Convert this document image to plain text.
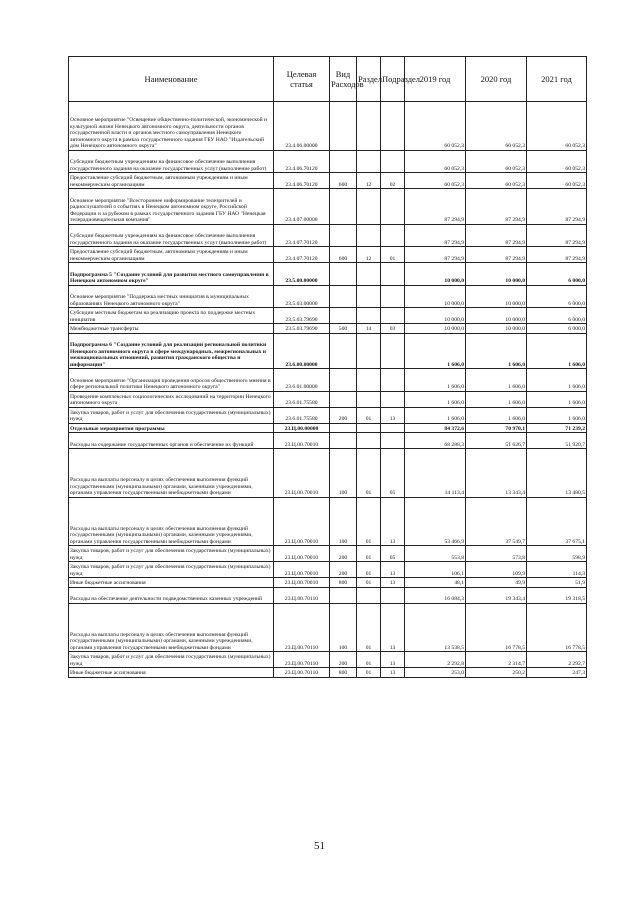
Наименование	Целевая статья	Вид Расходов	Раздел	Подраздел	2019 год	2020 год	2021 год
Основное мероприятие "Освещение общественно-политической, экономической и культурной жизни Ненецкого автономного округа, деятельности органов государственной власти и органов местного самоуправления Ненецкого автономного округа в рамках государственного задания ГБУ НАО "Издательский дом Ненецкого автономного округа"	23.4.06.00000				60 052,3	60 052,3	60 052,3
Субсидии бюджетным учреждениям на финансовое обеспечение выполнения государственного задания на оказание государственных услуг (выполнение работ)	23.4.06.70120				60 052,3	60 052,3	60 052,3
Предоставление субсидий бюджетным, автономным учреждениям и иным некоммерческим организациям	23.4.06.70120	600	12	02	60 052,3	60 052,3	60 052,3
Основное мероприятие "Всестороннее информирование телезрителей и радиослушателей о событиях в Ненецком автономном округе, Российской Федерации и за рубежом в рамках государственного задания ГБУ НАО "Ненецкая телерадиовещательная компания"	23.4.07.00000				87 294,9	87 294,9	87 294,9
Субсидии бюджетным учреждениям на финансовое обеспечение выполнения государственного задания на оказание государственных услуг (выполнение работ)	23.4.07.70120				87 294,9	87 294,9	87 294,9
Предоставление субсидий бюджетным, автономным учреждениям и иным некоммерческим организациям	23.4.07.70120	600	12	01	87 294,9	87 294,9	87 294,9
Подпрограмма 5 "Создание условий для развития местного самоуправления в Ненецком автономном округе"	23.5.00.00000				10 000,0	10 000,0	6 000,0
Основное мероприятие "Поддержка местных инициатив в муниципальных образованиях Ненецкого автономного округа"	23.5.03.00000				10 000,0	10 000,0	6 000,0
Субсидии местным бюджетам на реализацию проекта по поддержке местных инициатив	23.5.03.79690				10 000,0	10 000,0	6 000,0
Межбюджетные трансферты	23.5.03.79690	500	14	03	10 000,0	10 000,0	6 000,0
Подпрограмма 6 "Создание условий для реализации региональной политики Ненецкого автономного округа в сфере международных, межрегиональных и межнациональных отношений, развития гражданского общества и информации"	23.6.00.00000				1 606,0	1 606,0	1 606,0
Основное мероприятие "Организация проведения опросов общественного мнения в сфере региональной политики Ненецкого автономного округа"	23.6.01.00000				1 606,0	1 606,0	1 606,0
Проведение комплексных социологических исследований на территории Ненецкого автономного округа	23.6.01.75580				1 606,0	1 606,0	1 606,0
Закупка товаров, работ и услуг для обеспечения государственных (муниципальных) нужд	23.6.01.75580	200	01	13	1 606,0	1 606,0	1 606,0
Отдельные мероприятия программы	23.Ц.00.00000				84 372,6	70 970,1	71 239,2
Расходы на содержание государственных органов и обеспечение их функций	23.Ц.00.70010				68 288,3	51 626,7	51 920,7
Расходы на выплаты персоналу в целях обеспечения выполнения функций государственными (муниципальными) органами, казенными учреждениями, органами управления государственными внебюджетными фондами	23.Ц.00.70010	100	01	05	14 113,4	13 343,4	13 480,5
Расходы на выплаты персоналу в целях обеспечения выполнения функций государственными (муниципальными) органами, казенными учреждениями, органами управления государственными внебюджетными фондами	23.Ц.00.70010	100	01	13	53 466,9	37 549,7	37 675,1
Закупка товаров, работ и услуг для обеспечения государственных (муниципальных) нужд	23.Ц.00.70010	200	01	05	553,8	573,8	598,9
Закупка товаров, работ и услуг для обеспечения государственных (муниципальных) нужд	23.Ц.00.70010	200	01	13	106,1	109,9	114,3
Иные бюджетные ассигнования	23.Ц.00.70010	800	01	13	48,1	49,9	51,9
Расходы на обеспечение деятельности подведомственных казенных учреждений	23.Ц.00.70110				16 084,3	19 343,4	19 318,5
Расходы на выплаты персоналу в целях обеспечения выполнения функций государственными (муниципальными) органами, казенными учреждениями, органами управления государственными внебюджетными фондами	23.Ц.00.70110	100	01	13	13 538,5	16 778,5	16 778,5
Закупка товаров, работ и услуг для обеспечения государственных (муниципальных) нужд	23.Ц.00.70110	200	01	13	2 292,8	2 314,7	2 292,7
Иные бюджетные ассигнования	23.Ц.00.70110	800	01	13	253,0	250,2	247,3
51
